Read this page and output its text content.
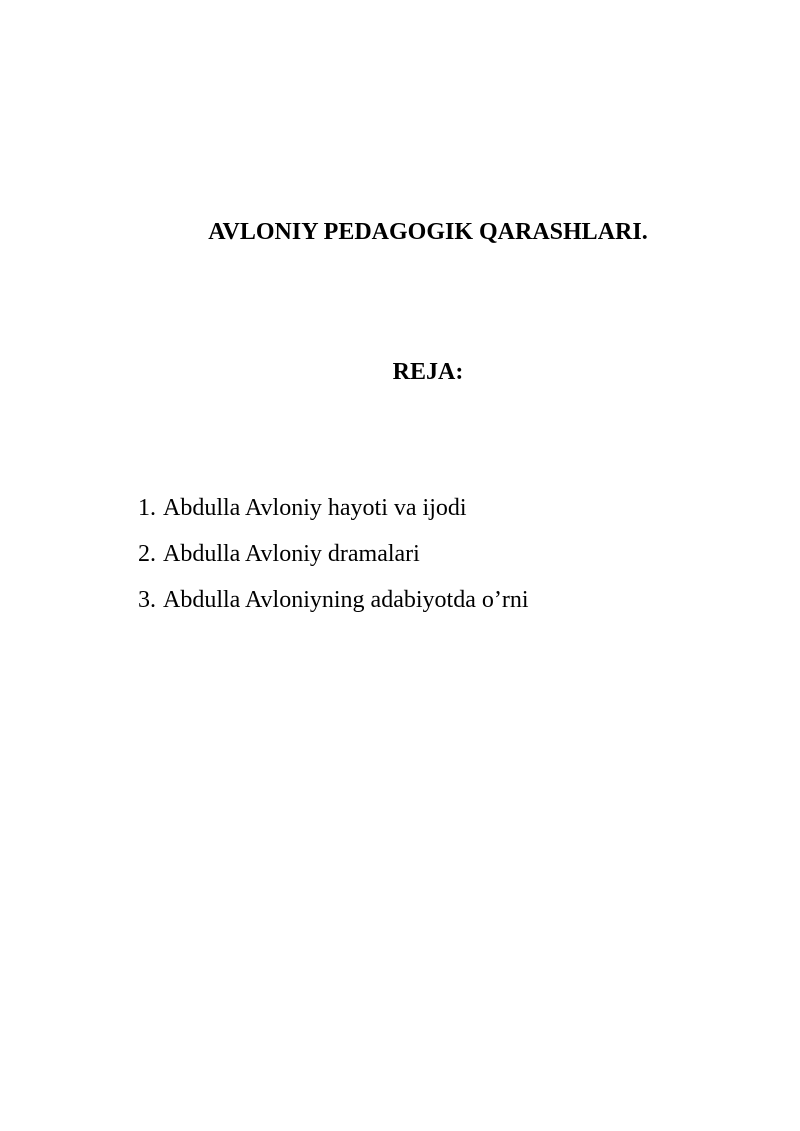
AVLONIY PEDAGOGIK QARASHLARI.
REJA:
1. Abdulla Avloniy hayoti va ijodi
2. Abdulla Avloniy dramalari
3. Abdulla Avloniyning adabiyotda o’rni
